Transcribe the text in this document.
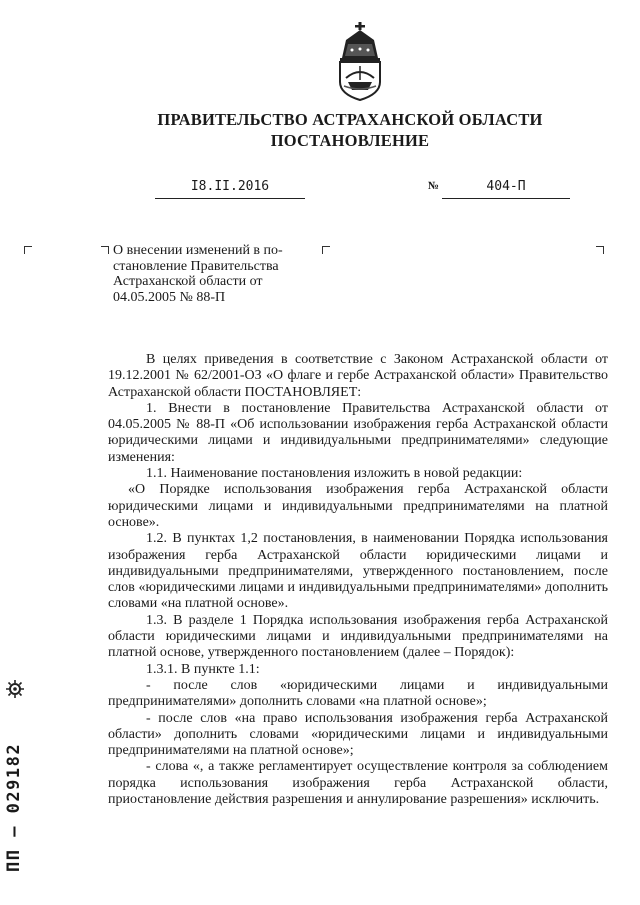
ПРАВИТЕЛЬСТВО АСТРАХАНСКОЙ ОБЛАСТИ
ПОСТАНОВЛЕНИЕ
I8.II.2016	№	404-П

О внесении изменений в по-

становление Правительства

Астраханской области от

04.05.2005 № 88-П

В целях приведения в соответствие с Законом Астраханской области от 19.12.2001 № 62/2001-ОЗ «О флаге и гербе Астраханской области» Правительство Астраханской области ПОСТАНОВЛЯЕТ:

1. Внести в постановление Правительства Астраханской области от 04.05.2005 № 88-П «Об использовании изображения герба Астраханской области юридическими лицами и индивидуальными предпринимателями» следующие изменения:

1.1. Наименование постановления изложить в новой редакции:

«О Порядке использования изображения герба Астраханской области юридическими лицами и индивидуальными предпринимателями на платной основе».

1.2. В пунктах 1,2 постановления, в наименовании Порядка использования изображения герба Астраханской области юридическими лицами и индивидуальными предпринимателями, утвержденного постановлением, после слов «юридическими лицами и индивидуальными предпринимателями» дополнить словами «на платной основе».

1.3. В разделе 1 Порядка использования изображения герба Астраханской области юридическими лицами и индивидуальными предпринимателями на платной основе, утвержденного постановлением (далее – Порядок):

1.3.1. В пункте 1.1:

- после слов «юридическими лицами и индивидуальными предпринимателями» дополнить словами «на платной основе»;

- после слов «на право использования изображения герба Астраханской области» дополнить словами «юридическими лицами и индивидуальными предпринимателями на платной основе»;

- слова «, а также регламентирует осуществление контроля за соблюдением порядка использования изображения герба Астраханской области, приостановление действия разрешения и аннулирование разрешения» исключить.

ПП – 029182
